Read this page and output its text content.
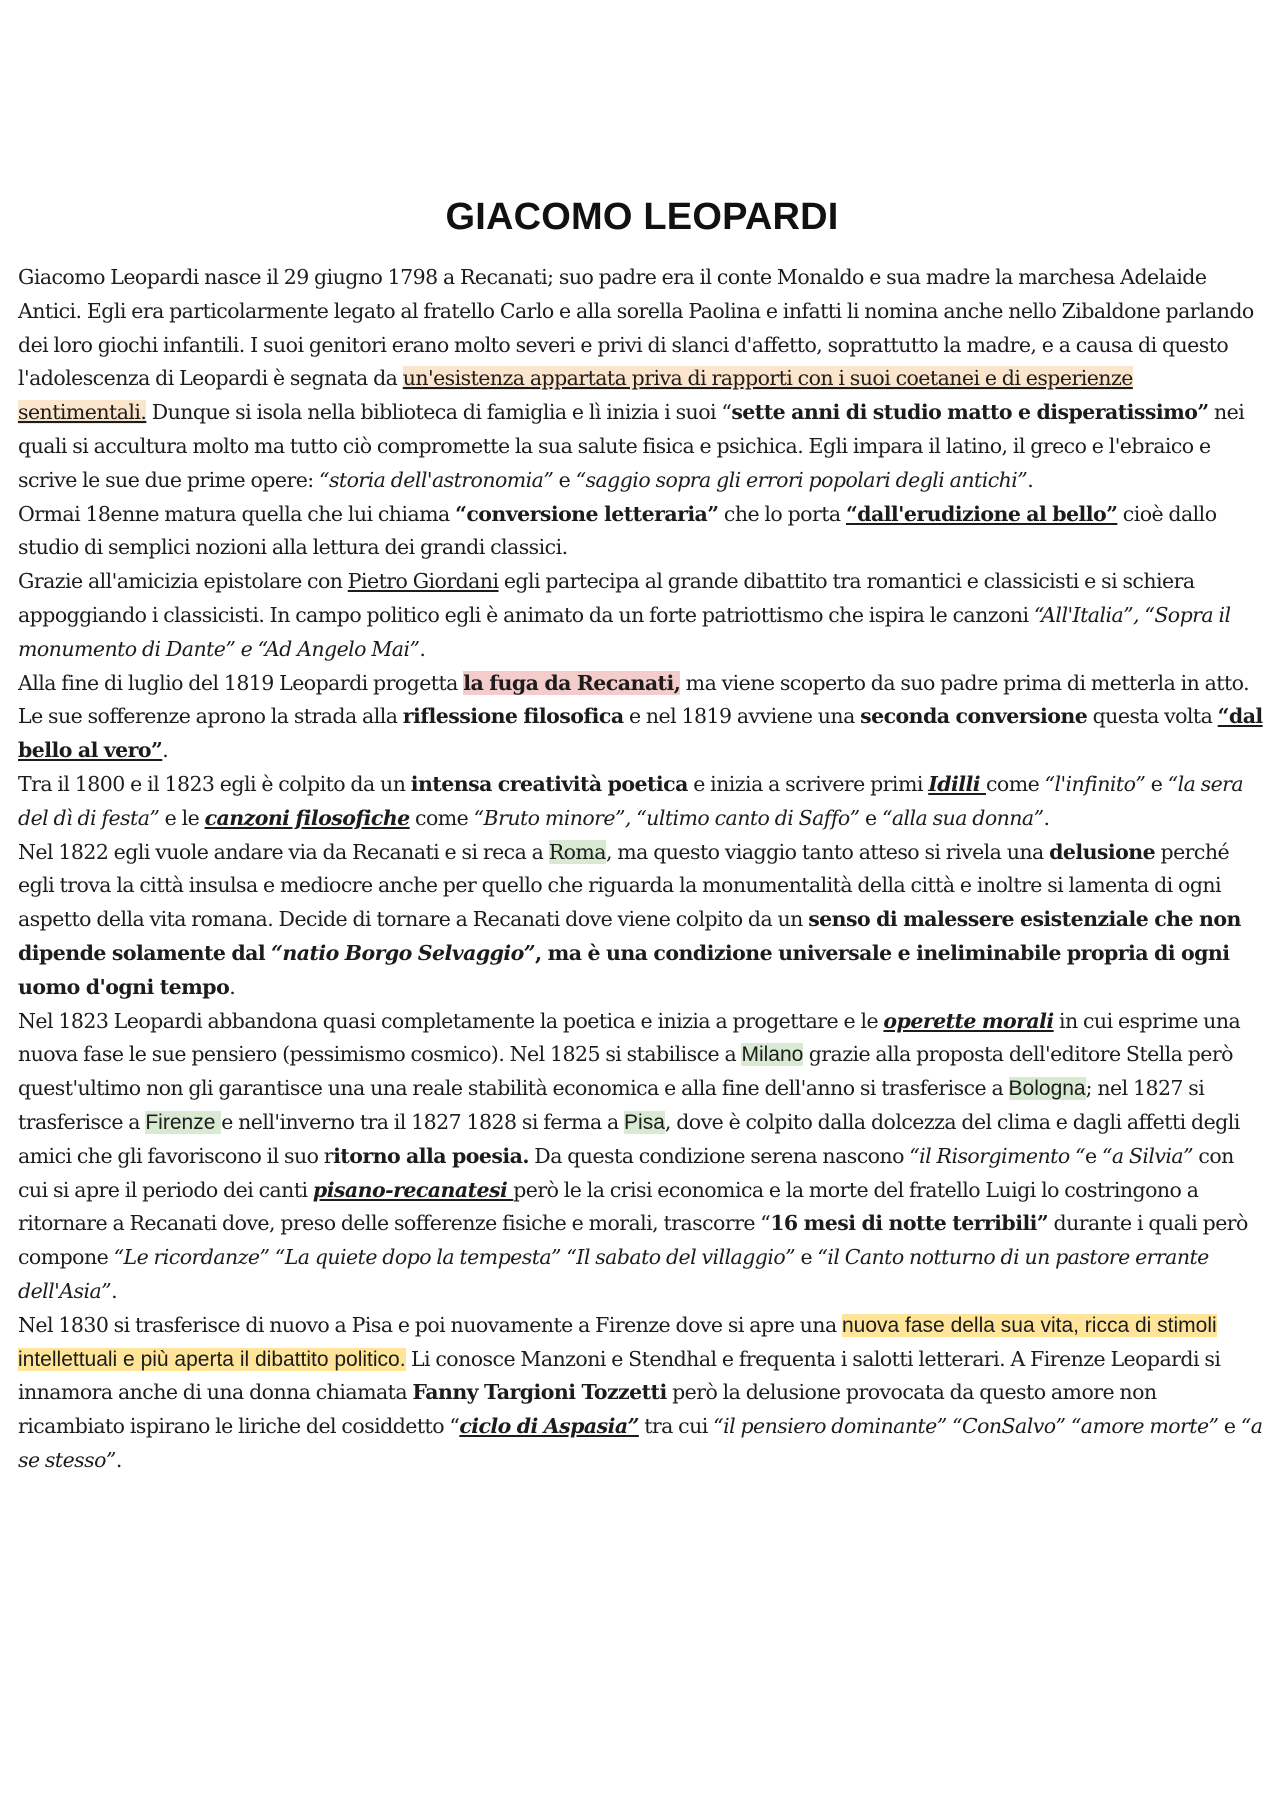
GIACOMO LEOPARDI

Giacomo Leopardi nasce il 29 giugno 1798 a Recanati; suo padre era il conte Monaldo e sua madre la marchesa Adelaide Antici. Egli era particolarmente legato al fratello Carlo e alla sorella Paolina e infatti li nomina anche nello Zibaldone parlando dei loro giochi infantili. I suoi genitori erano molto severi e privi di slanci d'affetto, soprattutto la madre, e a causa di questo l'adolescenza di Leopardi è segnata da un'esistenza appartata priva di rapporti con i suoi coetanei e di esperienze sentimentali. Dunque si isola nella biblioteca di famiglia e lì inizia i suoi “sette anni di studio matto e disperatissimo” nei quali si accultura molto ma tutto ciò compromette la sua salute fisica e psichica. Egli impara il latino, il greco e l'ebraico e scrive le sue due prime opere: “storia dell'astronomia” e “saggio sopra gli errori popolari degli antichi”.

Ormai 18enne matura quella che lui chiama “conversione letteraria” che lo porta “dall'erudizione al bello” cioè dallo studio di semplici nozioni alla lettura dei grandi classici.

Grazie all'amicizia epistolare con Pietro Giordani egli partecipa al grande dibattito tra romantici e classicisti e si schiera appoggiando i classicisti. In campo politico egli è animato da un forte patriottismo che ispira le canzoni “All'Italia”, “Sopra il monumento di Dante” e “Ad Angelo Mai”.

Alla fine di luglio del 1819 Leopardi progetta la fuga da Recanati, ma viene scoperto da suo padre prima di metterla in atto.

Le sue sofferenze aprono la strada alla riflessione filosofica e nel 1819 avviene una seconda conversione questa volta “dal bello al vero”.

Tra il 1800 e il 1823 egli è colpito da un intensa creatività poetica e inizia a scrivere primi Idilli come “l'infinito” e “la sera del dì di festa” e le canzoni filosofiche come “Bruto minore”, “ultimo canto di Saffo” e “alla sua donna”.

Nel 1822 egli vuole andare via da Recanati e si reca a Roma, ma questo viaggio tanto atteso si rivela una delusione perché egli trova la città insulsa e mediocre anche per quello che riguarda la monumentalità della città e inoltre si lamenta di ogni aspetto della vita romana. Decide di tornare a Recanati dove viene colpito da un senso di malessere esistenziale che non dipende solamente dal “natio Borgo Selvaggio”, ma è una condizione universale e ineliminabile propria di ogni uomo d'ogni tempo.

Nel 1823 Leopardi abbandona quasi completamente la poetica e inizia a progettare e le operette morali in cui esprime una nuova fase le sue pensiero (pessimismo cosmico). Nel 1825 si stabilisce a Milano grazie alla proposta dell'editore Stella però quest'ultimo non gli garantisce una una reale stabilità economica e alla fine dell'anno si trasferisce a Bologna; nel 1827 si trasferisce a Firenze e nell'inverno tra il 1827 1828 si ferma a Pisa, dove è colpito dalla dolcezza del clima e dagli affetti degli amici che gli favoriscono il suo ritorno alla poesia. Da questa condizione serena nascono “il Risorgimento “e “a Silvia” con cui si apre il periodo dei canti pisano-recanatesi però le la crisi economica e la morte del fratello Luigi lo costringono a ritornare a Recanati dove, preso delle sofferenze fisiche e morali, trascorre “16 mesi di notte terribili” durante i quali però compone “Le ricordanze” “La quiete dopo la tempesta” “Il sabato del villaggio” e “il Canto notturno di un pastore errante dell'Asia”.

Nel 1830 si trasferisce di nuovo a Pisa e poi nuovamente a Firenze dove si apre una nuova fase della sua vita, ricca di stimoli intellettuali e più aperta il dibattito politico. Li conosce Manzoni e Stendhal e frequenta i salotti letterari. A Firenze Leopardi si innamora anche di una donna chiamata Fanny Targioni Tozzetti però la delusione provocata da questo amore non ricambiato ispirano le liriche del cosiddetto “ciclo di Aspasia” tra cui “il pensiero dominante” “ConSalvo” “amore morte” e “a se stesso”.
